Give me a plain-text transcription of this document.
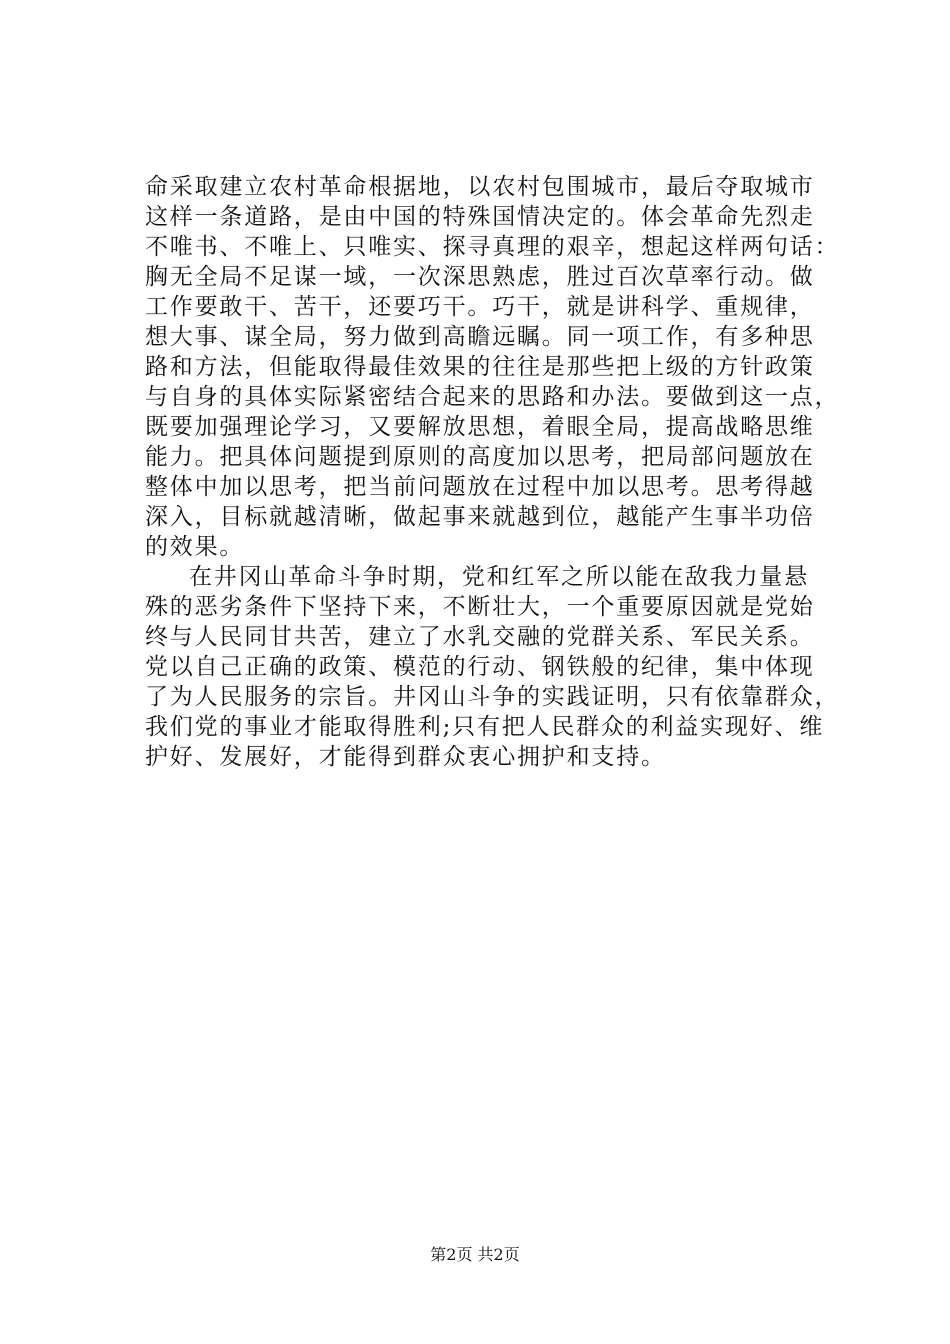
命采取建立农村革命根据地，以农村包围城市，最后夺取城市
这样一条道路，是由中国的特殊国情决定的。体会革命先烈走
不唯书、不唯上、只唯实、探寻真理的艰辛，想起这样两句话：
胸无全局不足谋一域，一次深思熟虑，胜过百次草率行动。做
工作要敢干、苦干，还要巧干。巧干，就是讲科学、重规律，
想大事、谋全局，努力做到高瞻远瞩。同一项工作，有多种思
路和方法，但能取得最佳效果的往往是那些把上级的方针政策
与自身的具体实际紧密结合起来的思路和办法。要做到这一点，
既要加强理论学习，又要解放思想，着眼全局，提高战略思维
能力。把具体问题提到原则的高度加以思考，把局部问题放在
整体中加以思考，把当前问题放在过程中加以思考。思考得越
深入，目标就越清晰，做起事来就越到位，越能产生事半功倍
的效果。
在井冈山革命斗争时期，党和红军之所以能在敌我力量悬
殊的恶劣条件下坚持下来，不断壮大，一个重要原因就是党始
终与人民同甘共苦，建立了水乳交融的党群关系、军民关系。
党以自己正确的政策、模范的行动、钢铁般的纪律，集中体现
了为人民服务的宗旨。井冈山斗争的实践证明，只有依靠群众，
我们党的事业才能取得胜利;只有把人民群众的利益实现好、维
护好、发展好，才能得到群众衷心拥护和支持。
第2页 共2页
